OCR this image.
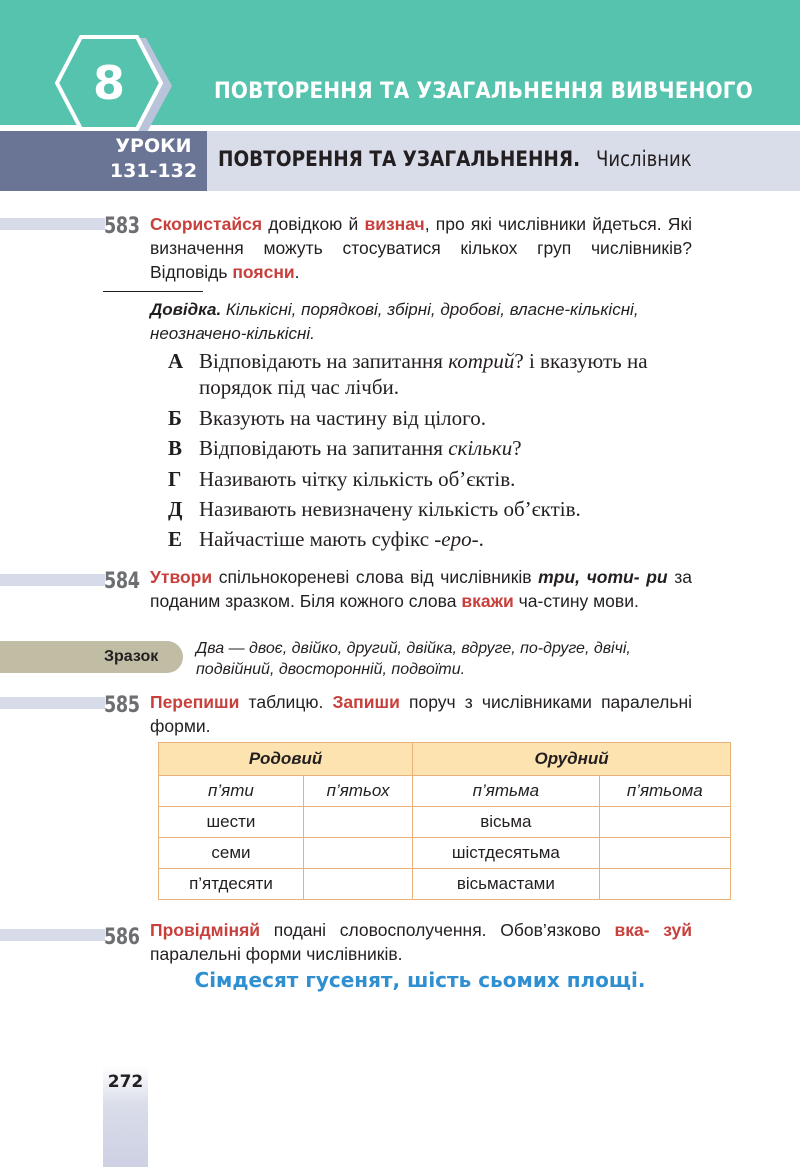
8	ПОВТОРЕННЯ ТА УЗАГАЛЬНЕННЯ ВИВЧЕНОГО
УРОКИ
131-132 ПОВТОРЕННЯ ТА УЗАГАЛЬНЕННЯ. Числівник
583 Скористайся довідкою й визнач, про які числівники йдеться. Які визначення можуть стосуватися кількох груп числівників? Відповідь поясни.
Довідка. Кількісні, порядкові, збірні, дробові, власне-кількісні, неозначено-кількісні.
А Відповідають на запитання котрий? і вказують на
порядок під час лічби.
Б Вказують на частину від цілого.
В Відповідають на запитання скільки?
Г Називають чітку кількість об’єктів.
Д Називають невизначену кількість об’єктів.
Е Найчастіше мають суфікс -еро-.
584 Утвори спільнокореневі слова від числівників три, чоти- ри за поданим зразком. Біля кожного слова вкажи ча-стину мови.
Зразок Два — двоє, двійко, другий, двійка, вдруге, по-друге, двічі, подвійний, двосторонній, подвоїти.
585 Перепиши таблицю. Запиши поруч з числівниками паралельні форми.
Родовий		Орудний	
п’яти	п’ятьох	п’ятьма	п’ятьома
шести		вісьма	
семи		шістдесятьма	
п’ятдесяти		вісьмастами	
586 Провідміняй подані словосполучення. Обов’язково вка- зуй паралельні форми числівників.
Сімдесят гусенят, шість сьомих площі.
272
